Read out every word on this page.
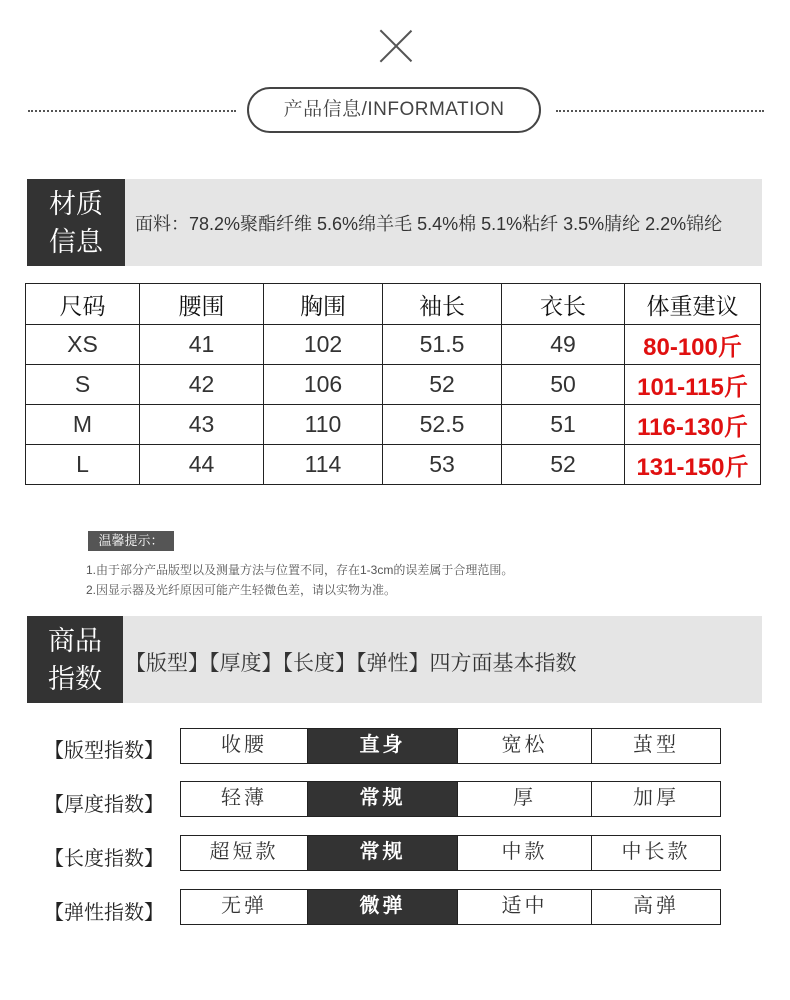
产品信息/INFORMATION
材质
信息
面料：78.2%聚酯纤维 5.6%绵羊毛 5.4%棉 5.1%粘纤 3.5%腈纶 2.2%锦纶
尺码	腰围	胸围	袖长	衣长	体重建议
XS	41	102	51.5	49	80-100斤
S	42	106	52	50	101-115斤
M	43	110	52.5	51	116-130斤
L	44	114	53	52	131-150斤
温馨提示：
1.由于部分产品版型以及测量方法与位置不同，存在1-3cm的误差属于合理范围。
2.因显示器及光纤原因可能产生轻微色差，请以实物为准。
商品
指数
【版型】【厚度】【长度】【弹性】四方面基本指数
【版型指数】	收腰	直身	宽松	茧型
【厚度指数】	轻薄	常规	厚	加厚
【长度指数】	超短款	常规	中款	中长款
【弹性指数】	无弹	微弹	适中	高弹
